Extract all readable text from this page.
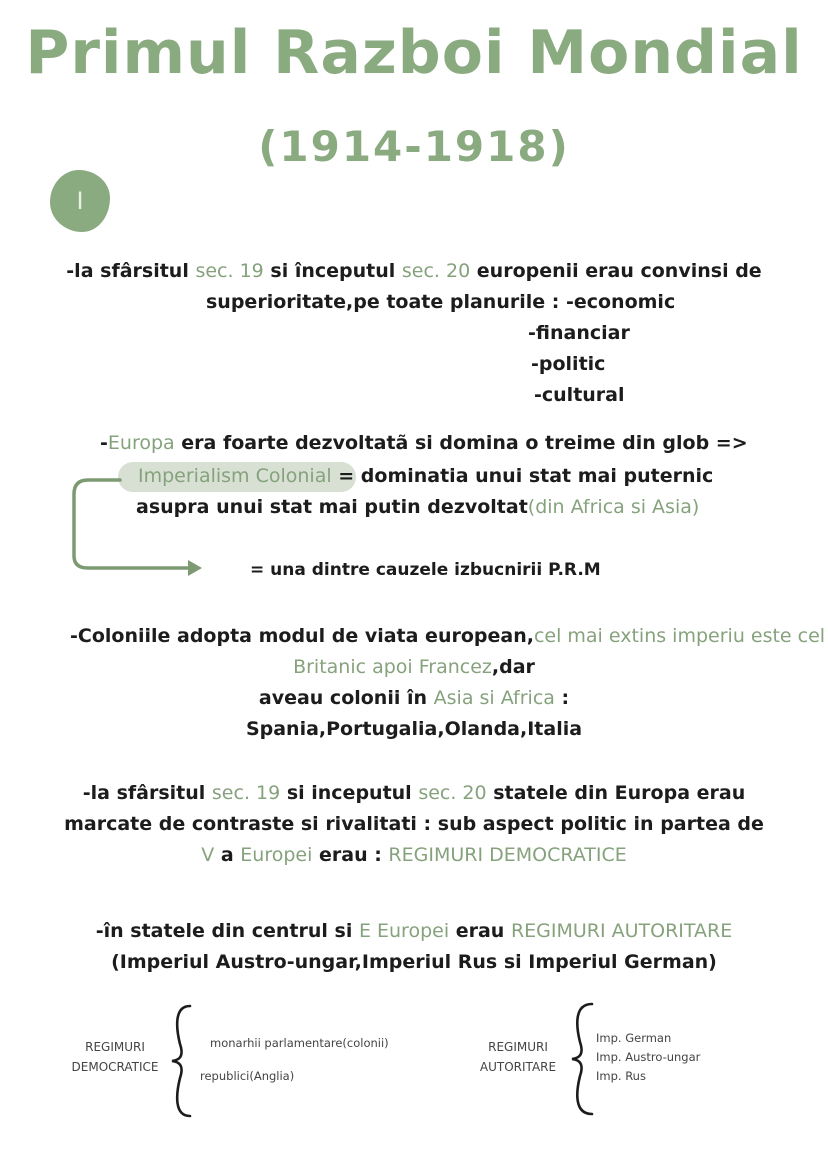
Primul Razboi Mondial
(1914-1918)
I
-la sfârsitul sec. 19 si începutul sec. 20 europenii erau convinsi de
superioritate,pe toate planurile : -economic
-financiar
-politic
-cultural
-Europa era foarte dezvoltatã si domina o treime din glob =>
Imperialism Colonial = dominatia unui stat mai puternic
asupra unui stat mai putin dezvoltat(din Africa si Asia)
= una dintre cauzele izbucnirii P.R.M
-Coloniile adopta modul de viata european,cel mai extins imperiu este cel
Britanic apoi Francez,dar
aveau colonii în Asia si Africa :
Spania,Portugalia,Olanda,Italia
-la sfârsitul sec. 19 si inceputul sec. 20 statele din Europa erau
marcate de contraste si rivalitati : sub aspect politic in partea de
V a Europei erau : REGIMURI DEMOCRATICE
-în statele din centrul si E Europei erau REGIMURI AUTORITARE
(Imperiul Austro-ungar,Imperiul Rus si Imperiul German)
REGIMURI
DEMOCRATICE
monarhii parlamentare(colonii)
republici(Anglia)
REGIMURI
AUTORITARE
Imp. German
Imp. Austro-ungar
Imp. Rus
